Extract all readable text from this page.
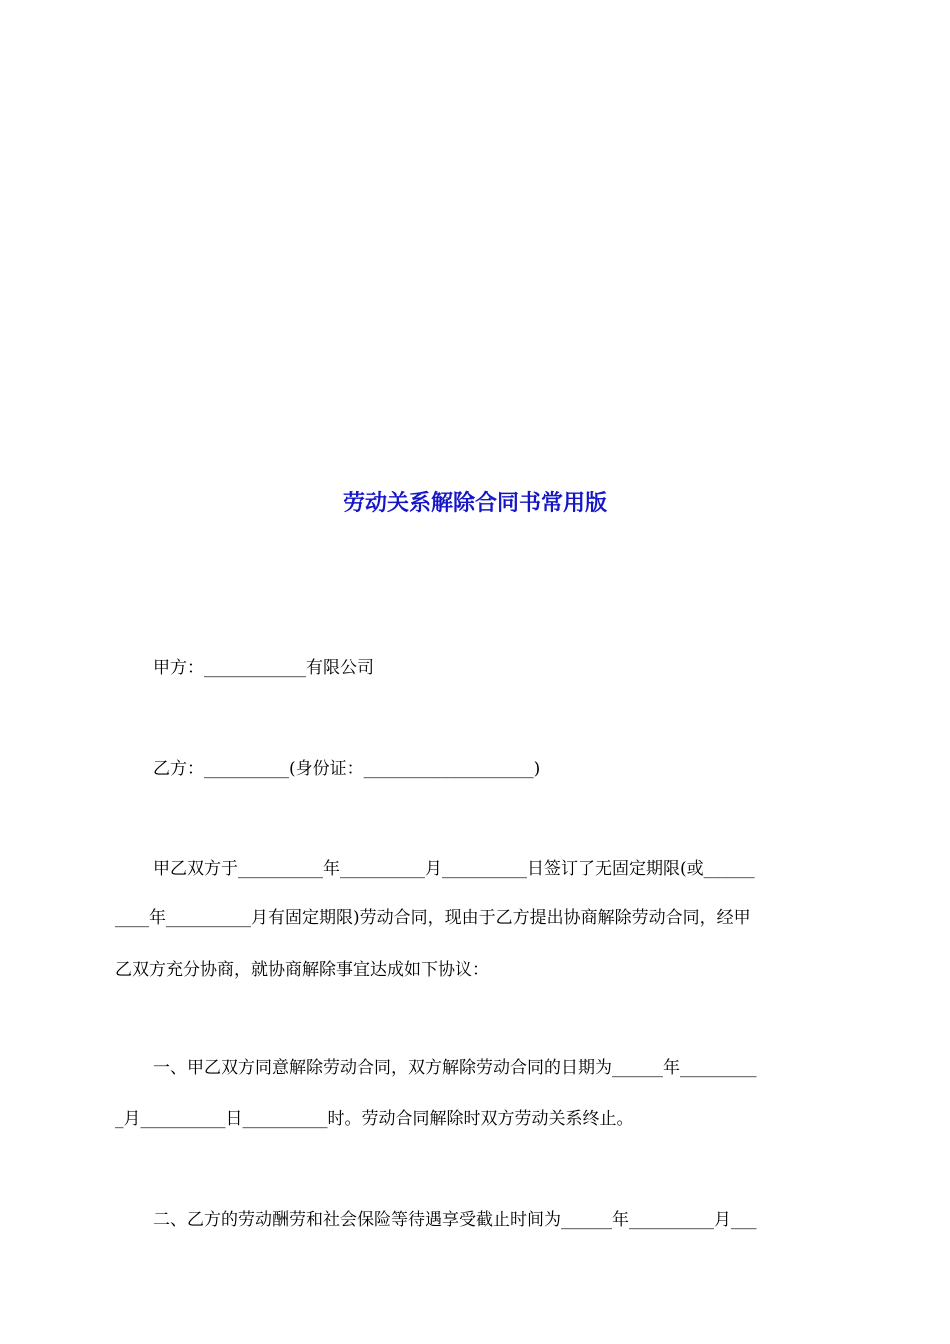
劳动关系解除合同书常用版
甲方：____________有限公司
乙方：__________(身份证：____________________)
甲乙双方于__________年__________月__________日签订了无固定期限(或______
____年__________月有固定期限)劳动合同，现由于乙方提出协商解除劳动合同，经甲
乙双方充分协商，就协商解除事宜达成如下协议：
一、甲乙双方同意解除劳动合同，双方解除劳动合同的日期为______年_________
_月__________日__________时。劳动合同解除时双方劳动关系终止。
二、乙方的劳动酬劳和社会保险等待遇享受截止时间为______年__________月___
